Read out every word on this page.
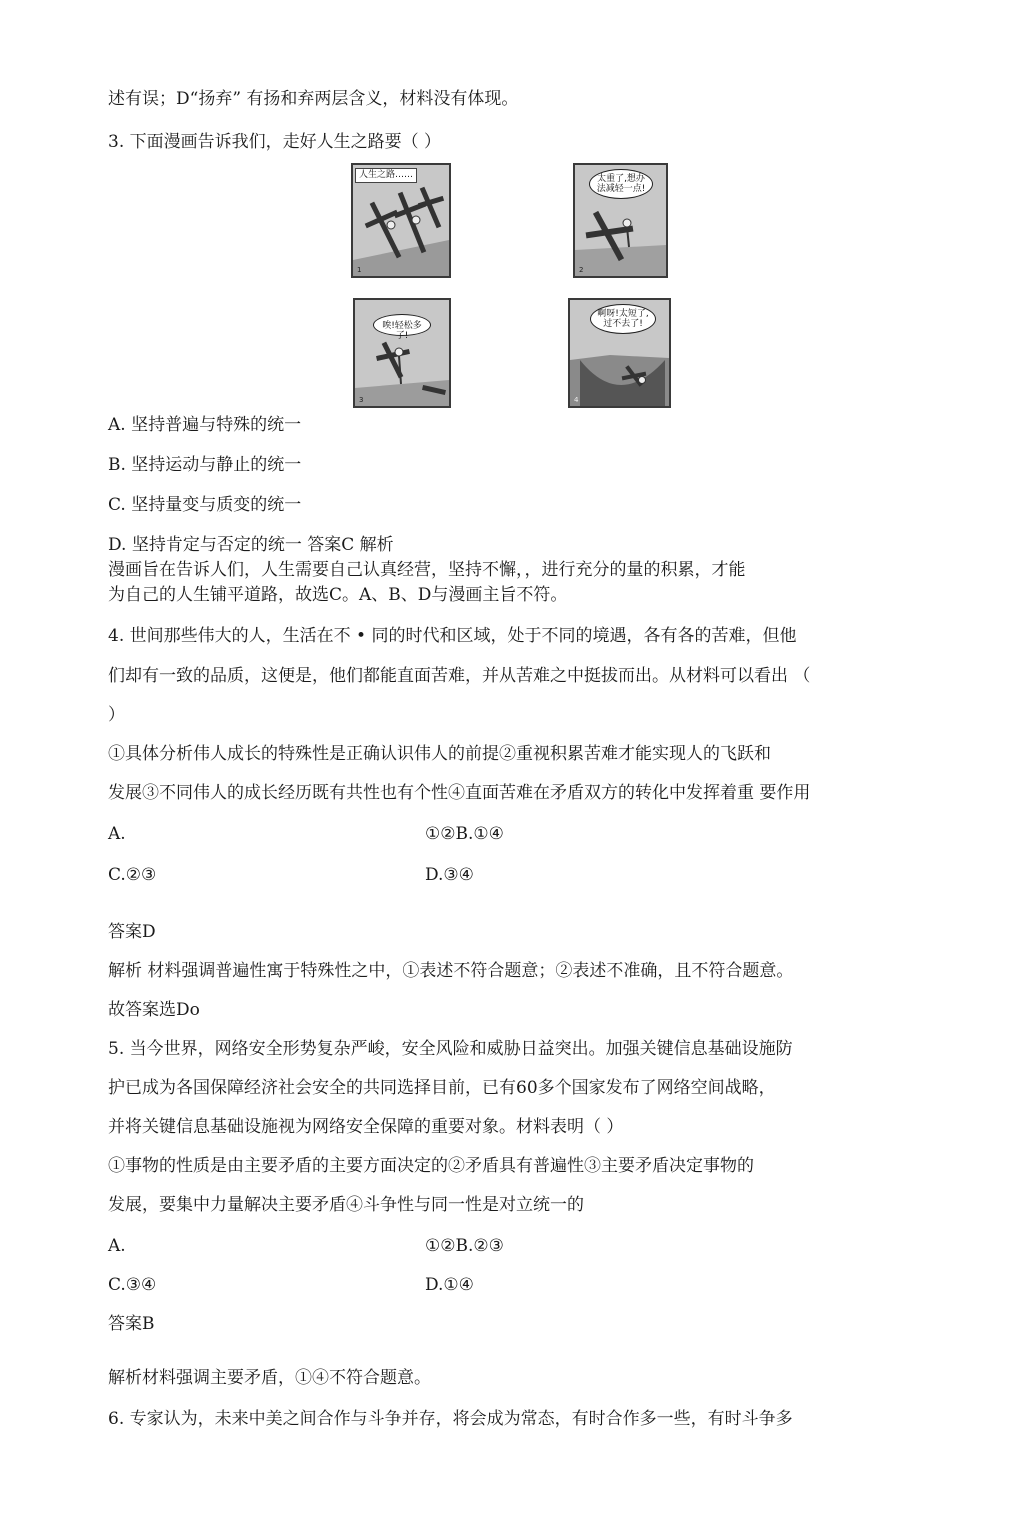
述有误；D“扬弃” 有扬和弃两层含义，材料没有体现。
3. 下面漫画告诉我们，走好人生之路要（ ）
人生之路……
1
太重了,想办法减轻一点!
2
唉!轻松多了!
3
啊呀!太短了,过不去了!
4
A. 坚持普遍与特殊的统一
B. 坚持运动与静止的统一
C. 坚持量变与质变的统一
D. 坚持肯定与否定的统一 答案C 解析
漫画旨在告诉人们，人生需要自己认真经营，坚持不懈，，进行充分的量的积累，才能
为自己的人生铺平道路，故选C。A、B、D与漫画主旨不符。
4. 世间那些伟大的人，生活在不 • 同的时代和区域，处于不同的境遇，各有各的苦难，但他
们却有一致的品质，这便是，他们都能直面苦难，并从苦难之中挺拔而出。从材料可以看出 （
）
①具体分析伟人成长的特殊性是正确认识伟人的前提②重视积累苦难才能实现人的飞跃和
发展③不同伟人的成长经历既有共性也有个性④直面苦难在矛盾双方的转化中发挥着重 要作用
A.	①②B.①④
C.②③	D.③④
答案D
解析 材料强调普遍性寓于特殊性之中，①表述不符合题意；②表述不准确，且不符合题意。
故答案选Do
5. 当今世界，网络安全形势复杂严峻，安全风险和威胁日益突出。加强关键信息基础设施防
护已成为各国保障经济社会安全的共同选择目前，已有60多个国家发布了网络空间战略，
并将关键信息基础设施视为网络安全保障的重要对象。材料表明（ ）
①事物的性质是由主要矛盾的主要方面决定的②矛盾具有普遍性③主要矛盾决定事物的
发展，要集中力量解决主要矛盾④斗争性与同一性是对立统一的
A.	①②B.②③
C.③④	D.①④
答案B
解析材料强调主要矛盾，①④不符合题意。
6. 专家认为，未来中美之间合作与斗争并存，将会成为常态，有时合作多一些，有时斗争多
